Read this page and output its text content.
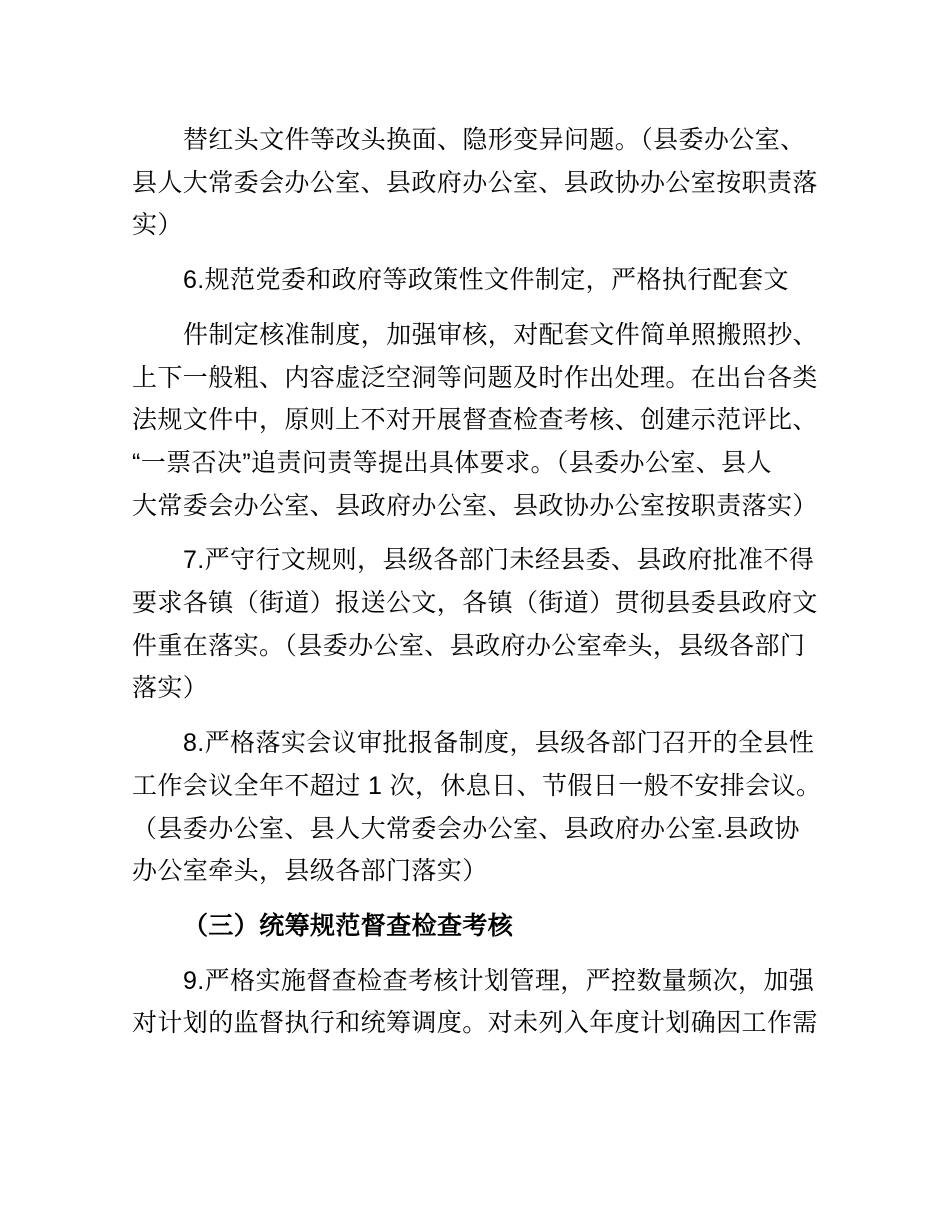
替红头文件等改头换面、隐形变异问题。（县委办公室、
县人大常委会办公室、县政府办公室、县政协办公室按职责落
实）
6.规范党委和政府等政策性文件制定，严格执行配套文
件制定核准制度，加强审核，对配套文件简单照搬照抄、
上下一般粗、内容虚泛空洞等问题及时作出处理。在出台各类
法规文件中，原则上不对开展督查检查考核、创建示范评比、
“一票否决”追责问责等提出具体要求。（县委办公室、县人
大常委会办公室、县政府办公室、县政协办公室按职责落实）
7.严守行文规则，县级各部门未经县委、县政府批准不得
要求各镇（街道）报送公文，各镇（街道）贯彻县委县政府文
件重在落实。（县委办公室、县政府办公室牵头，县级各部门
落实）
8.严格落实会议审批报备制度，县级各部门召开的全县性
工作会议全年不超过 1 次，休息日、节假日一般不安排会议。
（县委办公室、县人大常委会办公室、县政府办公室.县政协
办公室牵头，县级各部门落实）
（三）统筹规范督查检查考核
9.严格实施督查检查考核计划管理，严控数量频次，加强
对计划的监督执行和统筹调度。对未列入年度计划确因工作需
